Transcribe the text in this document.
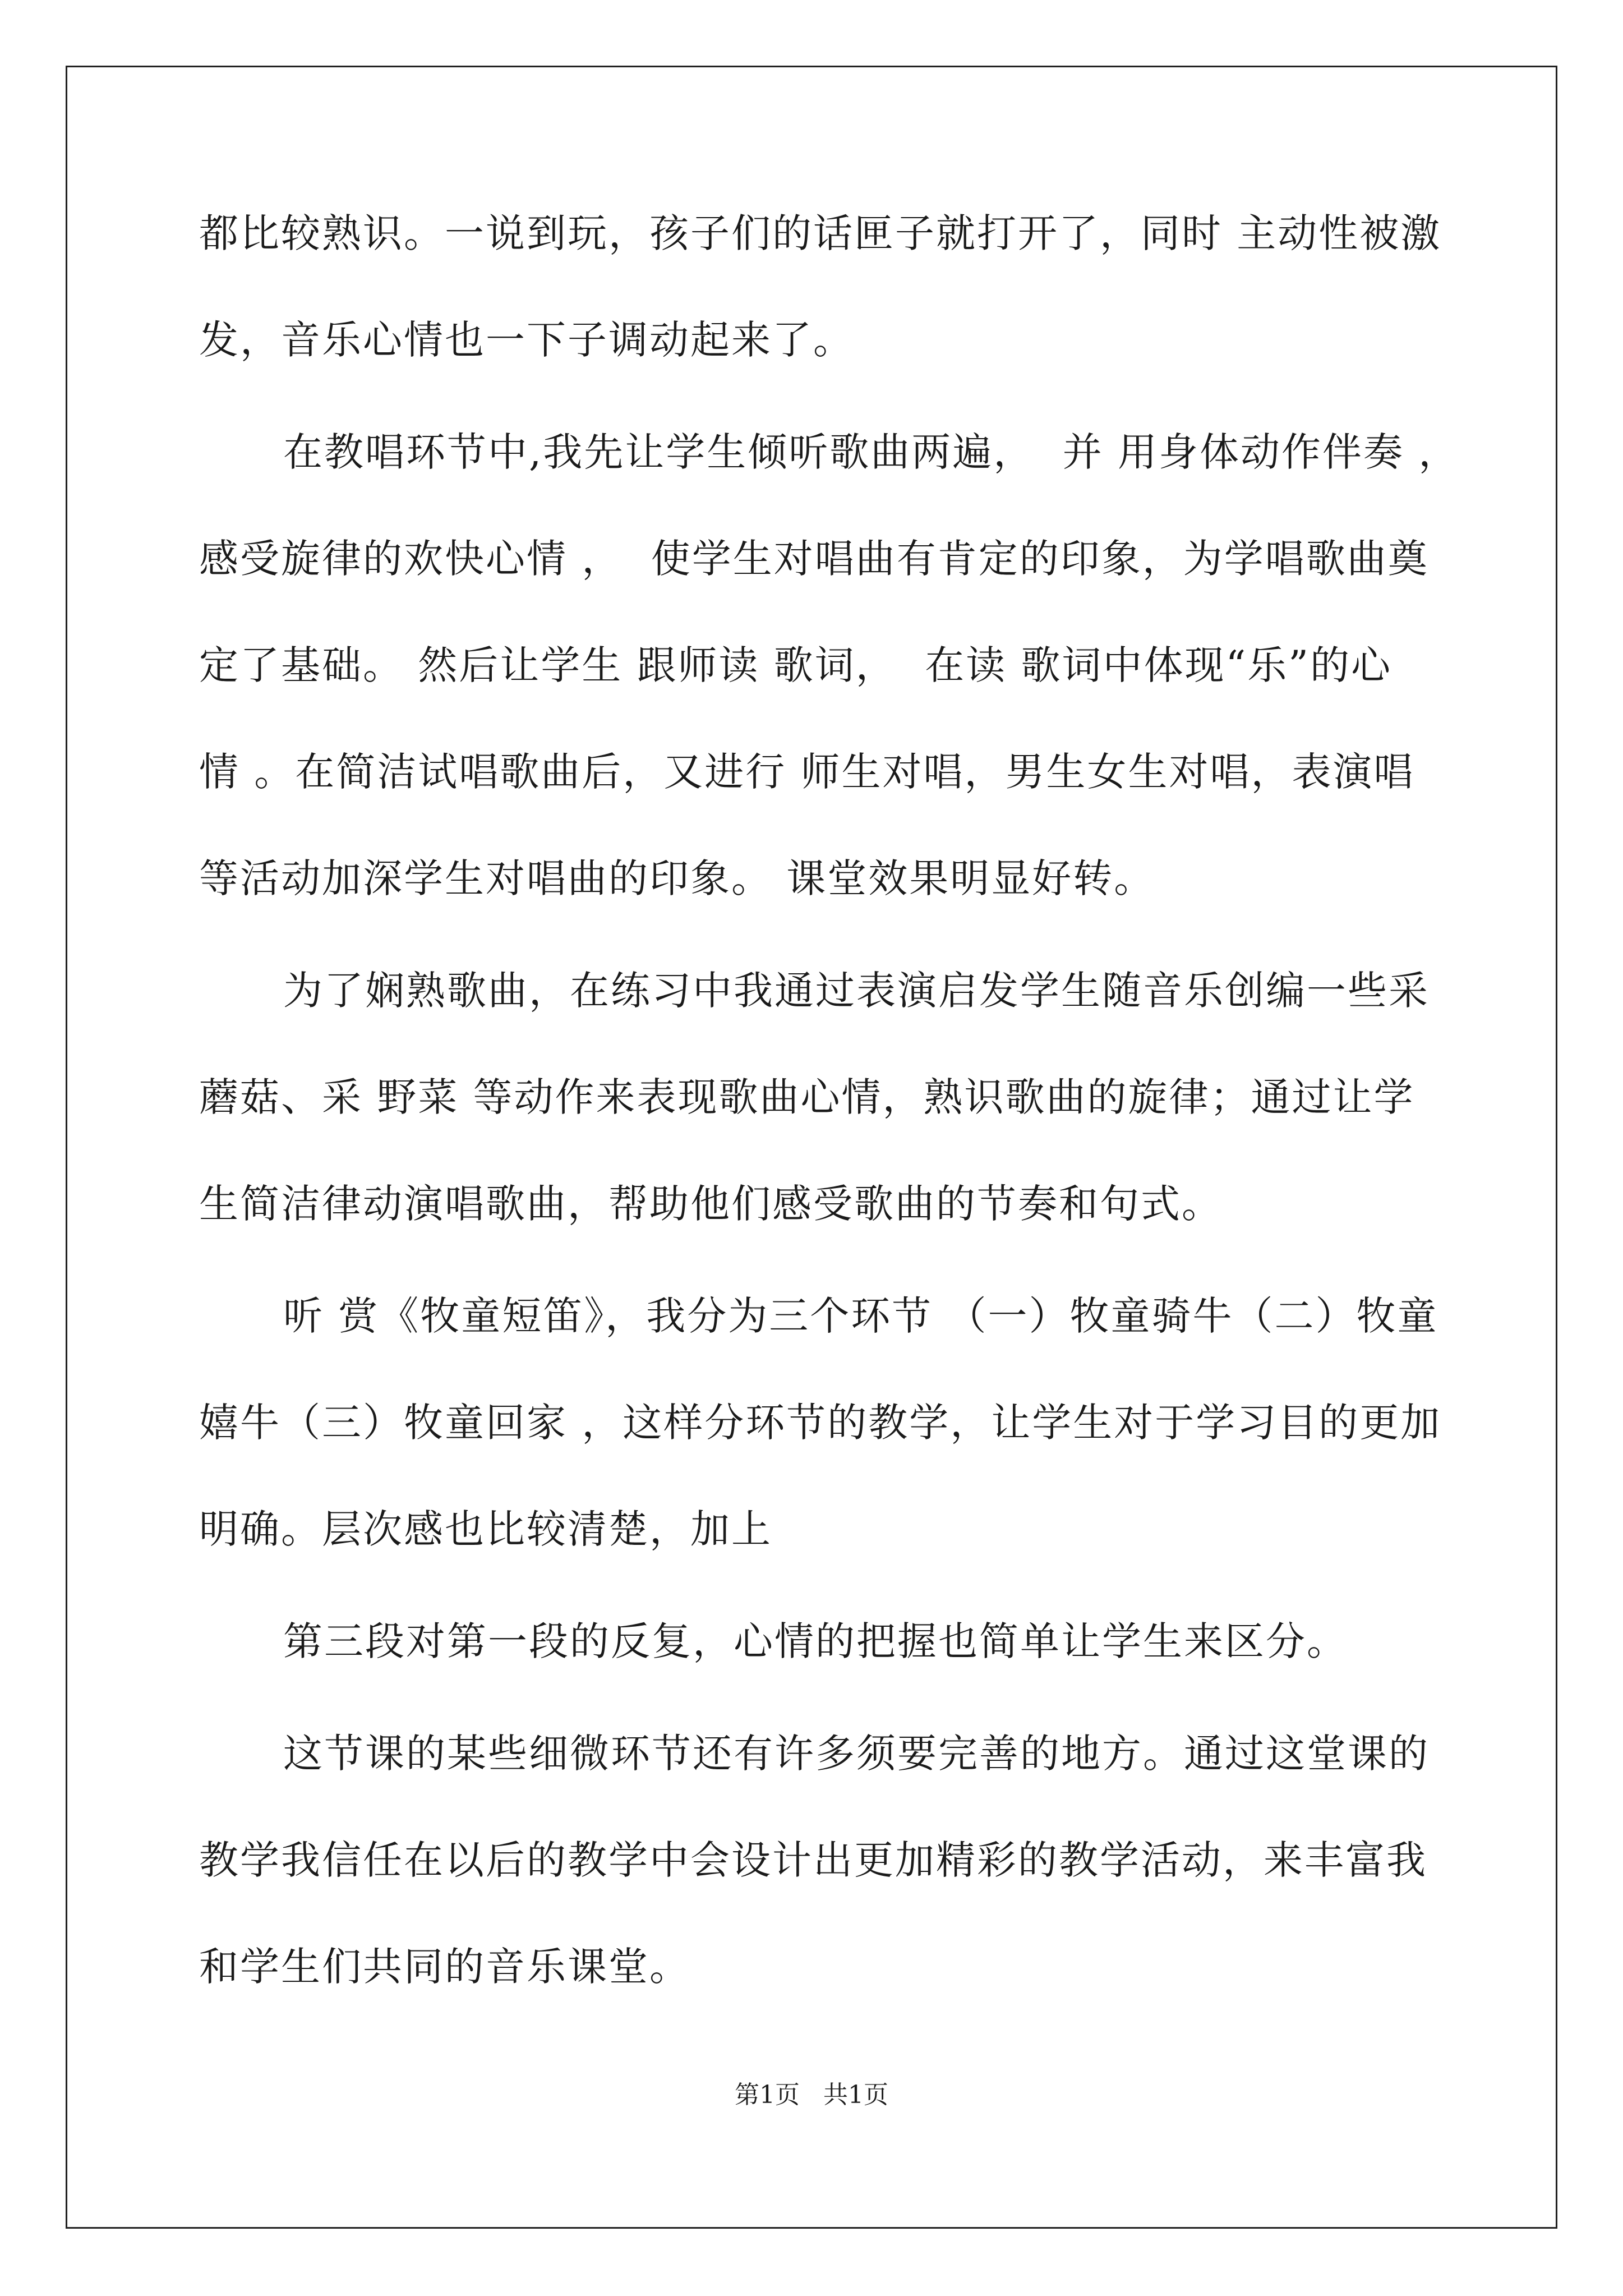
都比较熟识。一说到玩，孩子们的话匣子就打开了，同时 主动性被激
发，音乐心情也一下子调动起来了。
在教唱环节中,我先让学生倾听歌曲两遍，  并 用身体动作伴奏 ，
感受旋律的欢快心情 ，  使学生对唱曲有肯定的印象，为学唱歌曲奠
定了基础。 然后让学生 跟师读 歌词，  在读 歌词中体现“乐”的心
情 。在简洁试唱歌曲后，又进行 师生对唱，男生女生对唱，表演唱
等活动加深学生对唱曲的印象。 课堂效果明显好转。
为了娴熟歌曲，在练习中我通过表演启发学生随音乐创编一些采
蘑菇、采 野菜 等动作来表现歌曲心情，熟识歌曲的旋律；通过让学
生简洁律动演唱歌曲，帮助他们感受歌曲的节奏和句式。
听 赏《牧童短笛》，我分为三个环节 （一）牧童骑牛（二）牧童
嬉牛（三）牧童回家 ，这样分环节的教学，让学生对于学习目的更加
明确。层次感也比较清楚，加上
第三段对第一段的反复，心情的把握也简单让学生来区分。
这节课的某些细微环节还有许多须要完善的地方。通过这堂课的
教学我信任在以后的教学中会设计出更加精彩的教学活动，来丰富我
和学生们共同的音乐课堂。
第1页   共1页
